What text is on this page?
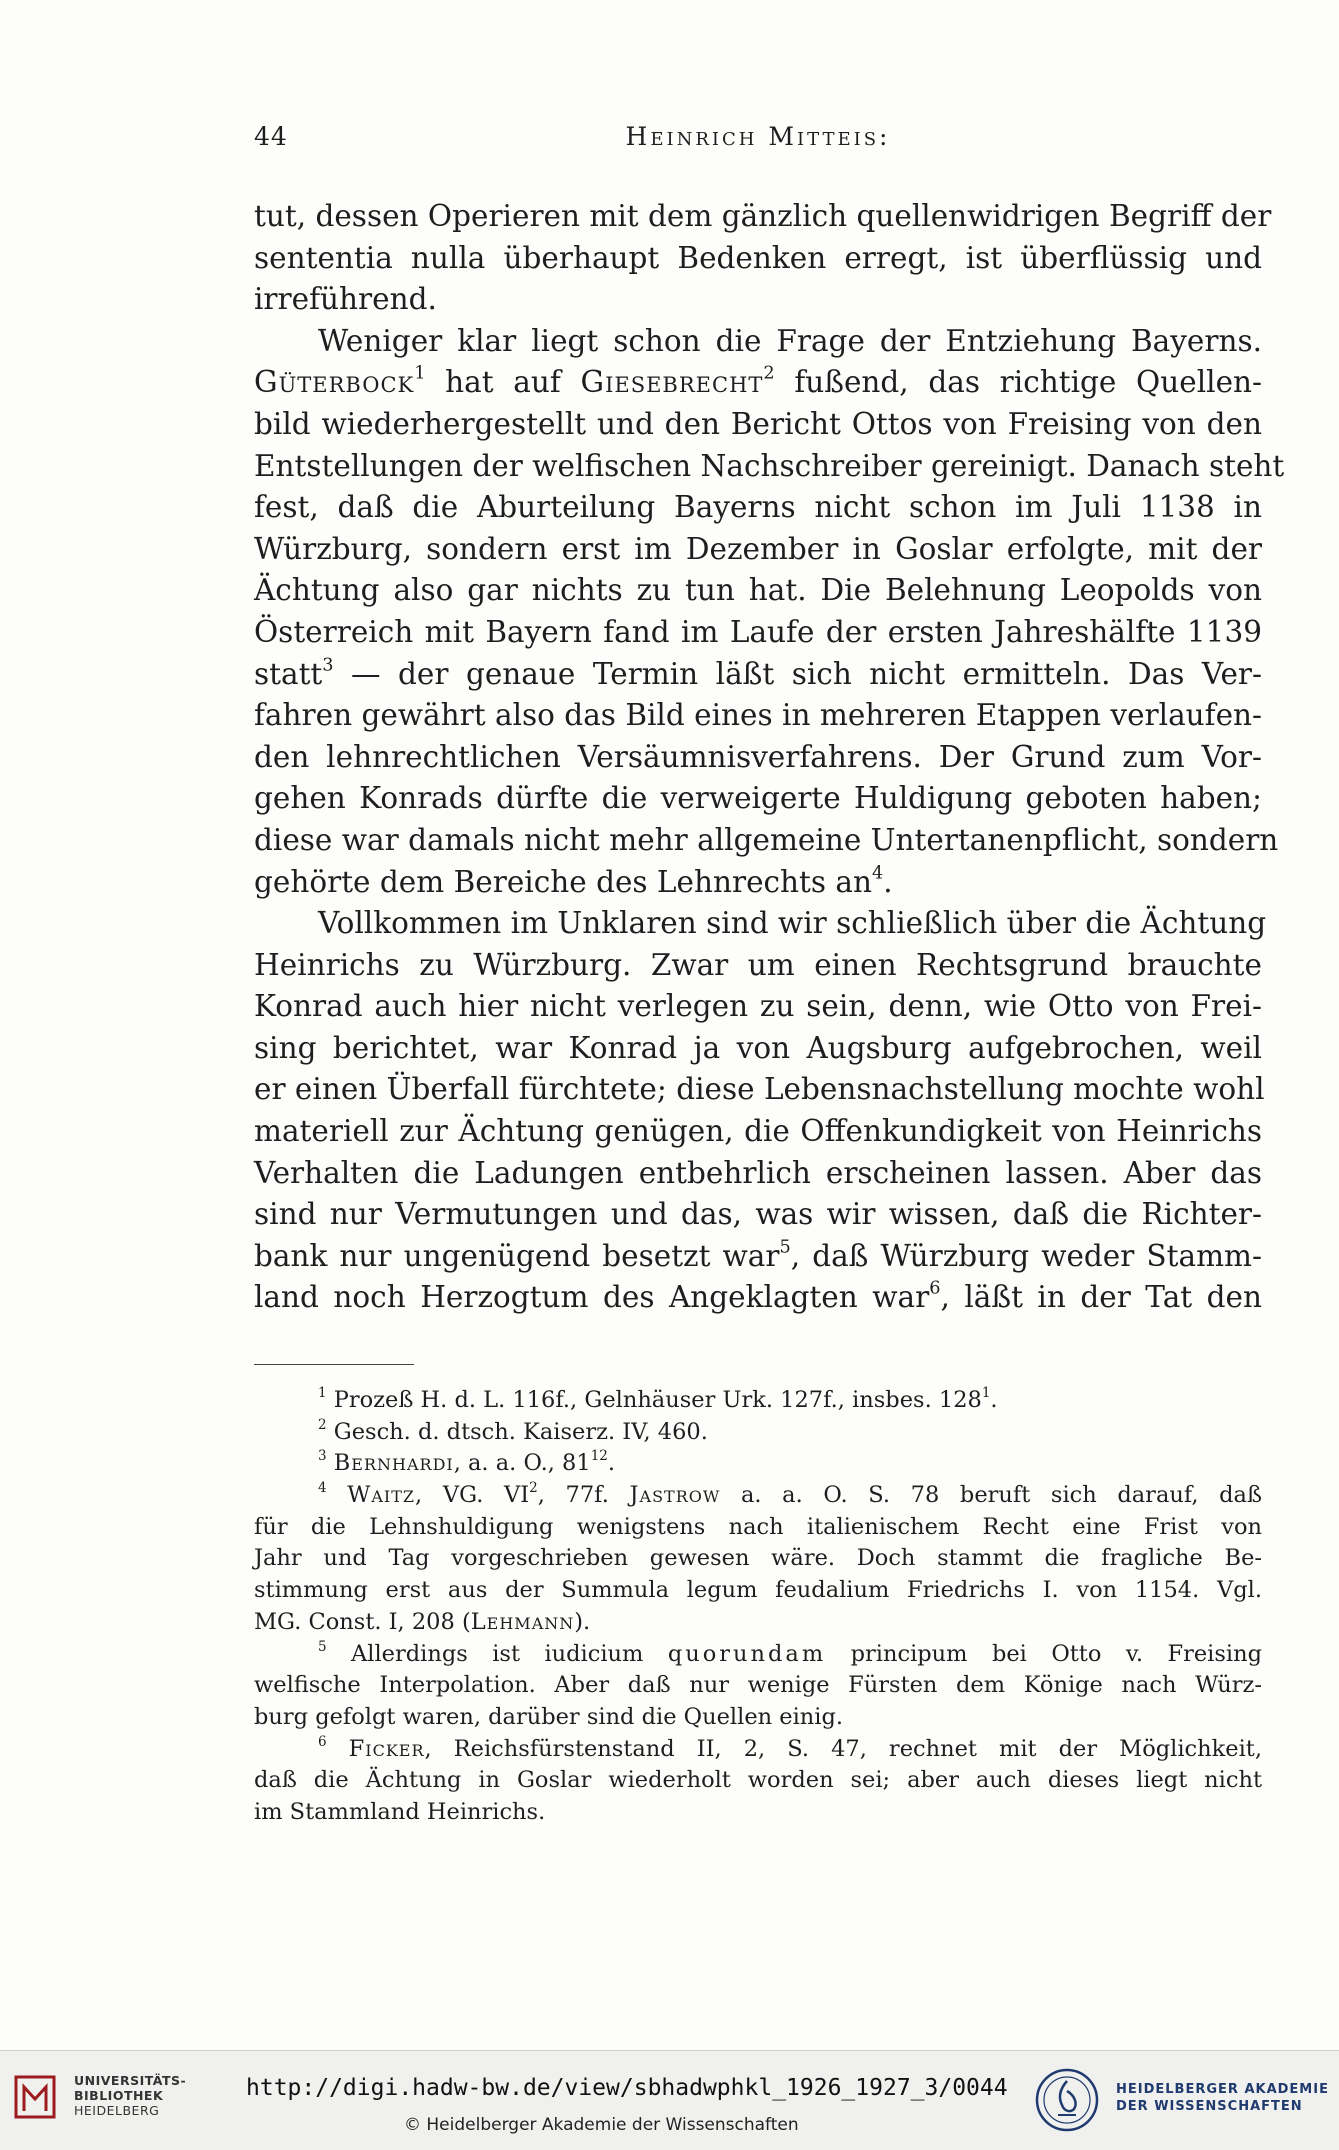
44	Heinrich Mitteis:
tut, dessen Operieren mit dem gänzlich quellenwidrigen Begriff der
sententia nulla überhaupt Bedenken erregt, ist überflüssig und
irreführend.
Weniger klar liegt schon die Frage der Entziehung Bayerns.
Güterbock$^1$ hat auf Giesebrecht$^2$ fußend, das richtige Quellen-
bild wiederhergestellt und den Bericht Ottos von Freising von den
Entstellungen der welfischen Nachschreiber gereinigt. Danach steht
fest, daß die Aburteilung Bayerns nicht schon im Juli 1138 in
Würzburg, sondern erst im Dezember in Goslar erfolgte, mit der
Ächtung also gar nichts zu tun hat. Die Belehnung Leopolds von
Österreich mit Bayern fand im Laufe der ersten Jahreshälfte 1139
statt$^3$ — der genaue Termin läßt sich nicht ermitteln. Das Ver-
fahren gewährt also das Bild eines in mehreren Etappen verlaufen-
den lehnrechtlichen Versäumnisverfahrens. Der Grund zum Vor-
gehen Konrads dürfte die verweigerte Huldigung geboten haben;
diese war damals nicht mehr allgemeine Untertanenpflicht, sondern
gehörte dem Bereiche des Lehnrechts $an^4$.
Vollkommen im Unklaren sind wir schließlich über die Ächtung
Heinrichs zu Würzburg. Zwar um einen Rechtsgrund brauchte
Konrad auch hier nicht verlegen zu sein, denn, wie Otto von Frei-
sing berichtet, war Konrad ja von Augsburg aufgebrochen, weil
er einen Überfall fürchtete; diese Lebensnachstellung mochte wohl
materiell zur Ächtung genügen, die Offenkundigkeit von Heinrichs
Verhalten die Ladungen entbehrlich erscheinen lassen. Aber das
sind nur Vermutungen und das, was wir wissen, daß die Richter-
bank nur ungenügend besetzt war$^5$, daß Würzburg weder Stamm-
land noch Herzogtum des Angeklagten war$^6$, läßt in der Tat den
$^1$ Prozeß H. d. L. 116f., Gelnhäuser Urk. 127f., insbes. $128^1$.
$^2$ Gesch. d. dtsch. Kaiserz. IV, 460.
$^3$ Bernhardi, a. a. O., $81^{12}$.
$^4$ Waitz, VG. $VI^2$, 77f. Jastrow a. a. O. S. 78 beruft sich darauf, daß
für die Lehnshuldigung wenigstens nach italienischem Recht eine Frist von
Jahr und Tag vorgeschrieben gewesen wäre. Doch stammt die fragliche Be-
stimmung erst aus der Summula legum feudalium Friedrichs I. von 1154. Vgl.
MG. Const. I, 208 (Lehmann).
$^5$ Allerdings ist iudicium quorundam principum bei Otto v. Freising
welfische Interpolation. Aber daß nur wenige Fürsten dem Könige nach Würz-
burg gefolgt waren, darüber sind die Quellen einig.
$^6$ Ficker, Reichsfürstenstand II, 2, S. 47, rechnet mit der Möglichkeit,
daß die Ächtung in Goslar wiederholt worden sei; aber auch dieses liegt nicht
im Stammland Heinrichs.
UNIVERSITÄTS-
BIBLIOTHEK
HEIDELBERG
http://digi.hadw-bw.de/view/sbhadwphkl_1926_1927_3/0044
© Heidelberger Akademie der Wissenschaften
HEIDELBERGER AKADEMIE
DER WISSENSCHAFTEN
